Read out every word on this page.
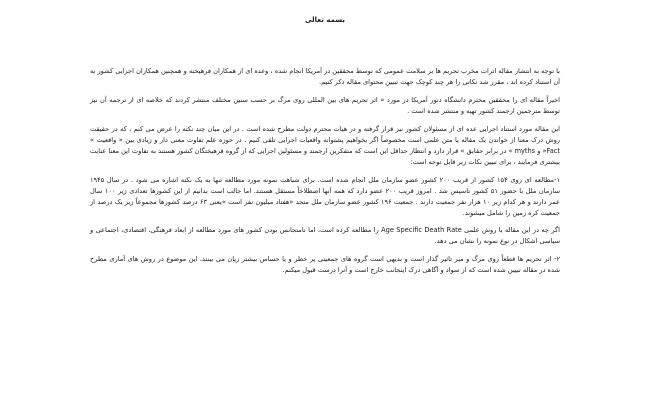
بسمه تعالی

با توجه به انتشار مقاله اثرات مخرب تحریم ها بر سلامت عمومی که توسط محققین در آمریکا انجام شده ، وعده ای از همکاران فرهیخته و همچنین همکاران اجرایی کشور به آن استناد کرده اند ، مقرر شد نکاتی را هر چند کوچک جهت تبیین محتوای مقاله ذکر کنیم.

اخیراً مقاله ای را محققین محترم دانشگاه دنور آمریکا در مورد « اثر تحریم های بین المللی روی مرگ بر حسب سنین مختلف منتشر کردند که خلاصه ای از ترجمه آن نیز توسط مترجمین ارجمند کشور تهیه و منتشر شده است .

این مقاله مورد استناد اجرایی عده ای از مسئولان کشور نیز قرار گرفته و در هیات محترم دولت مطرح شده است . در این میان چند نکته را عرض می کنم ، که در حقیقت روش درک معنا از خواندن یک مقاله یا متن علمی است مخصوصاً اگر بخواهیم پشتوانه واقعیات اجرایی تلقی کنیم . در حوزه علم تفاوت معنی دار و زیادی بین « واقعیت » Fact« و myths » در برابر حقایق » قرار دارد و انتظار حداقل این است که متفکرین ارجمند و مسئولین اجرایی که از گروه فرهیختگان کشور هستند به تفاوت این معنا عنایت بیشتری فرمایند ، برای تبیین نکات زیر قابل توجه است:

۱-مطالعه ای روی ۱۵۴ کشور از قریب ۲۰۰ کشور عضو سازمان ملل انجام شده است. برای شباهت نمونه مورد مطالعه تنها به یک نکته اشاره می شود . در سال ۱۹۴۵ سازمان ملل با حضور ۵۱ کشور تاسیس شد . امروز قریب ۲۰۰ عضو دارد که همه آنها اصطلاحاً مستقل هستند. اما جالب است بدانیم از این کشورها تعدادی زیر ۱۰۰ سال عمر دارند و هر کدام زیر ۱۰ هزار نفر جمعیت دارند . جمعیت ۱۹۶ کشور عضو سازمان ملل متحد «هفتاد میلیون نفر است »یعنی ۶۳ درصد کشورها مجموعاً زیر یک درصد از جمعیت کره زمین را شامل میشوند.

اگر چه در این مقاله با روش علمی Age Specific Death Rate را مطالعه کرده است، اما نامتجانس بودن کشور های مورد مطالعه از ابعاد فرهنگی، اقتصادی، اجتماعی و سیاسی اشکال در نوع نمونه را نشان می دهد.

۲- اثر تحریم ها قطعاً روی مرگ و میر تاثیر گذار است و بدیهی است گروه های جمعیتی پر خطر و یا حساس بیشتر زیان می بینند، این موضوع در روش های آماری مطرح شده در مقاله تبیین شده است که از سواد و آگاهی درک اینجانب خارج است و آنرا درست قبول میکنم.
